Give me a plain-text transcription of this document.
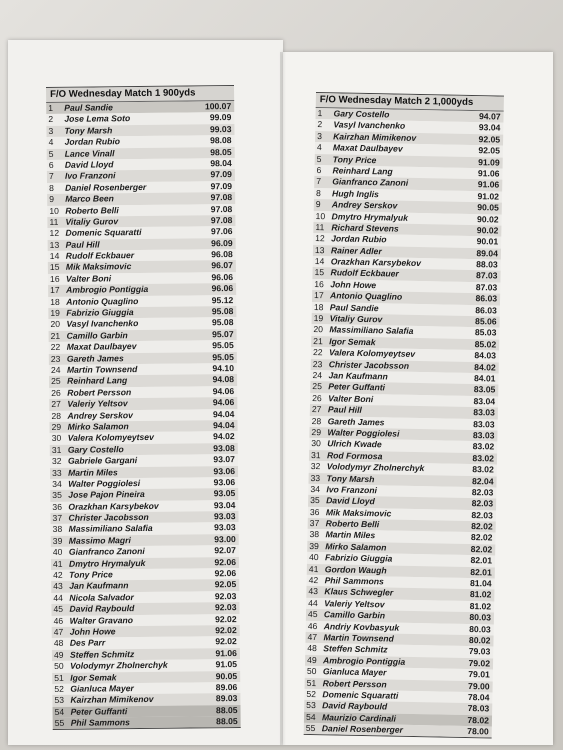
F/O Wednesday Match 1 900yds
1	Paul Sandie	100.07
2	Jose Lema Soto	99.09
3	Tony Marsh	99.03
4	Jordan Rubio	98.08
5	Lance Vinall	98.05
6	David Lloyd	98.04
7	Ivo Franzoni	97.09
8	Daniel Rosenberger	97.09
9	Marco Been	97.08
10 Roberto Belli	97.08
11 Vitaliy Gurov	97.08
12 Domenic Squaratti	97.06
13 Paul Hill	96.09
14 Rudolf Eckbauer	96.08
15 Mik Maksimovic	96.07
16 Valter Boni	96.06
17 Ambrogio Pontiggia	96.06
18 Antonio Quaglino	95.12
19 Fabrizio Giuggia	95.08
20 Vasyl Ivanchenko	95.08
21 Camillo Garbin	95.07
22 Maxat Daulbayev	95.05
23 Gareth James	95.05
24 Martin Townsend	94.10
25 Reinhard Lang	94.08
26 Robert Persson	94.06
27 Valeriy Yeltsov	94.06
28 Andrey Serskov	94.04
29 Mirko Salamon	94.04
30 Valera Kolomyeytsev	94.02
31 Gary Costello	93.08
32 Gabriele Gargani	93.07
33 Martin Miles	93.06
34 Walter Poggiolesi	93.06
35 Jose Pajon Pineira	93.05
36 Orazkhan Karsybekov	93.04
37 Christer Jacobsson	93.03
38 Massimiliano Salafia	93.03
39 Massimo Magri	93.00
40 Gianfranco Zanoni	92.07
41 Dmytro Hrymalyuk	92.06
42 Tony Price	92.06
43 Jan Kaufmann	92.05
44 Nicola Salvador	92.03
45 David Raybould	92.03
46 Walter Gravano	92.02
47 John Howe	92.02
48 Des Parr	92.02
49 Steffen Schmitz	91.06
50 Volodymyr Zholnerchyk	91.05
51 Igor Semak	90.05
52 Gianluca Mayer	89.06
53 Kairzhan Mimikenov	89.03
54 Peter Guffanti	88.05
55 Phil Sammons	88.05
F/O Wednesday Match 2 1,000yds
1	Gary Costello	94.07
2	Vasyl Ivanchenko	93.04
3	Kairzhan Mimikenov	92.05
4	Maxat Daulbayev	92.05
5	Tony Price	91.09
6	Reinhard Lang	91.06
7	Gianfranco Zanoni	91.06
8	Hugh Inglis	91.02
9	Andrey Serskov	90.05
10 Dmytro Hrymalyuk	90.02
11 Richard Stevens	90.02
12 Jordan Rubio	90.01
13 Rainer Adler	89.04
14 Orazkhan Karsybekov	88.03
15 Rudolf Eckbauer	87.03
16 John Howe	87.03
17 Antonio Quaglino	86.03
18 Paul Sandie	86.03
19 Vitaliy Gurov	85.06
20 Massimiliano Salafia	85.03
21 Igor Semak	85.02
22 Valera Kolomyeytsev	84.03
23 Christer Jacobsson	84.02
24 Jan Kaufmann	84.01
25 Peter Guffanti	83.05
26 Valter Boni	83.04
27 Paul Hill	83.03
28 Gareth James	83.03
29 Walter Poggiolesi	83.03
30 Ulrich Kwade	83.02
31 Rod Formosa	83.02
32 Volodymyr Zholnerchyk	83.02
33 Tony Marsh	82.04
34 Ivo Franzoni	82.03
35 David Lloyd	82.03
36 Mik Maksimovic	82.03
37 Roberto Belli	82.02
38 Martin Miles	82.02
39 Mirko Salamon	82.02
40 Fabrizio Giuggia	82.01
41 Gordon Waugh	82.01
42 Phil Sammons	81.04
43 Klaus Schwegler	81.02
44 Valeriy Yeltsov	81.02
45 Camillo Garbin	80.03
46 Andriy Kovbasyuk	80.03
47 Martin Townsend	80.02
48 Steffen Schmitz	79.03
49 Ambrogio Pontiggia	79.02
50 Gianluca Mayer	79.01
51 Robert Persson	79.00
52 Domenic Squaratti	78.04
53 David Raybould	78.03
54 Maurizio Cardinali	78.02
55 Daniel Rosenberger	78.00
